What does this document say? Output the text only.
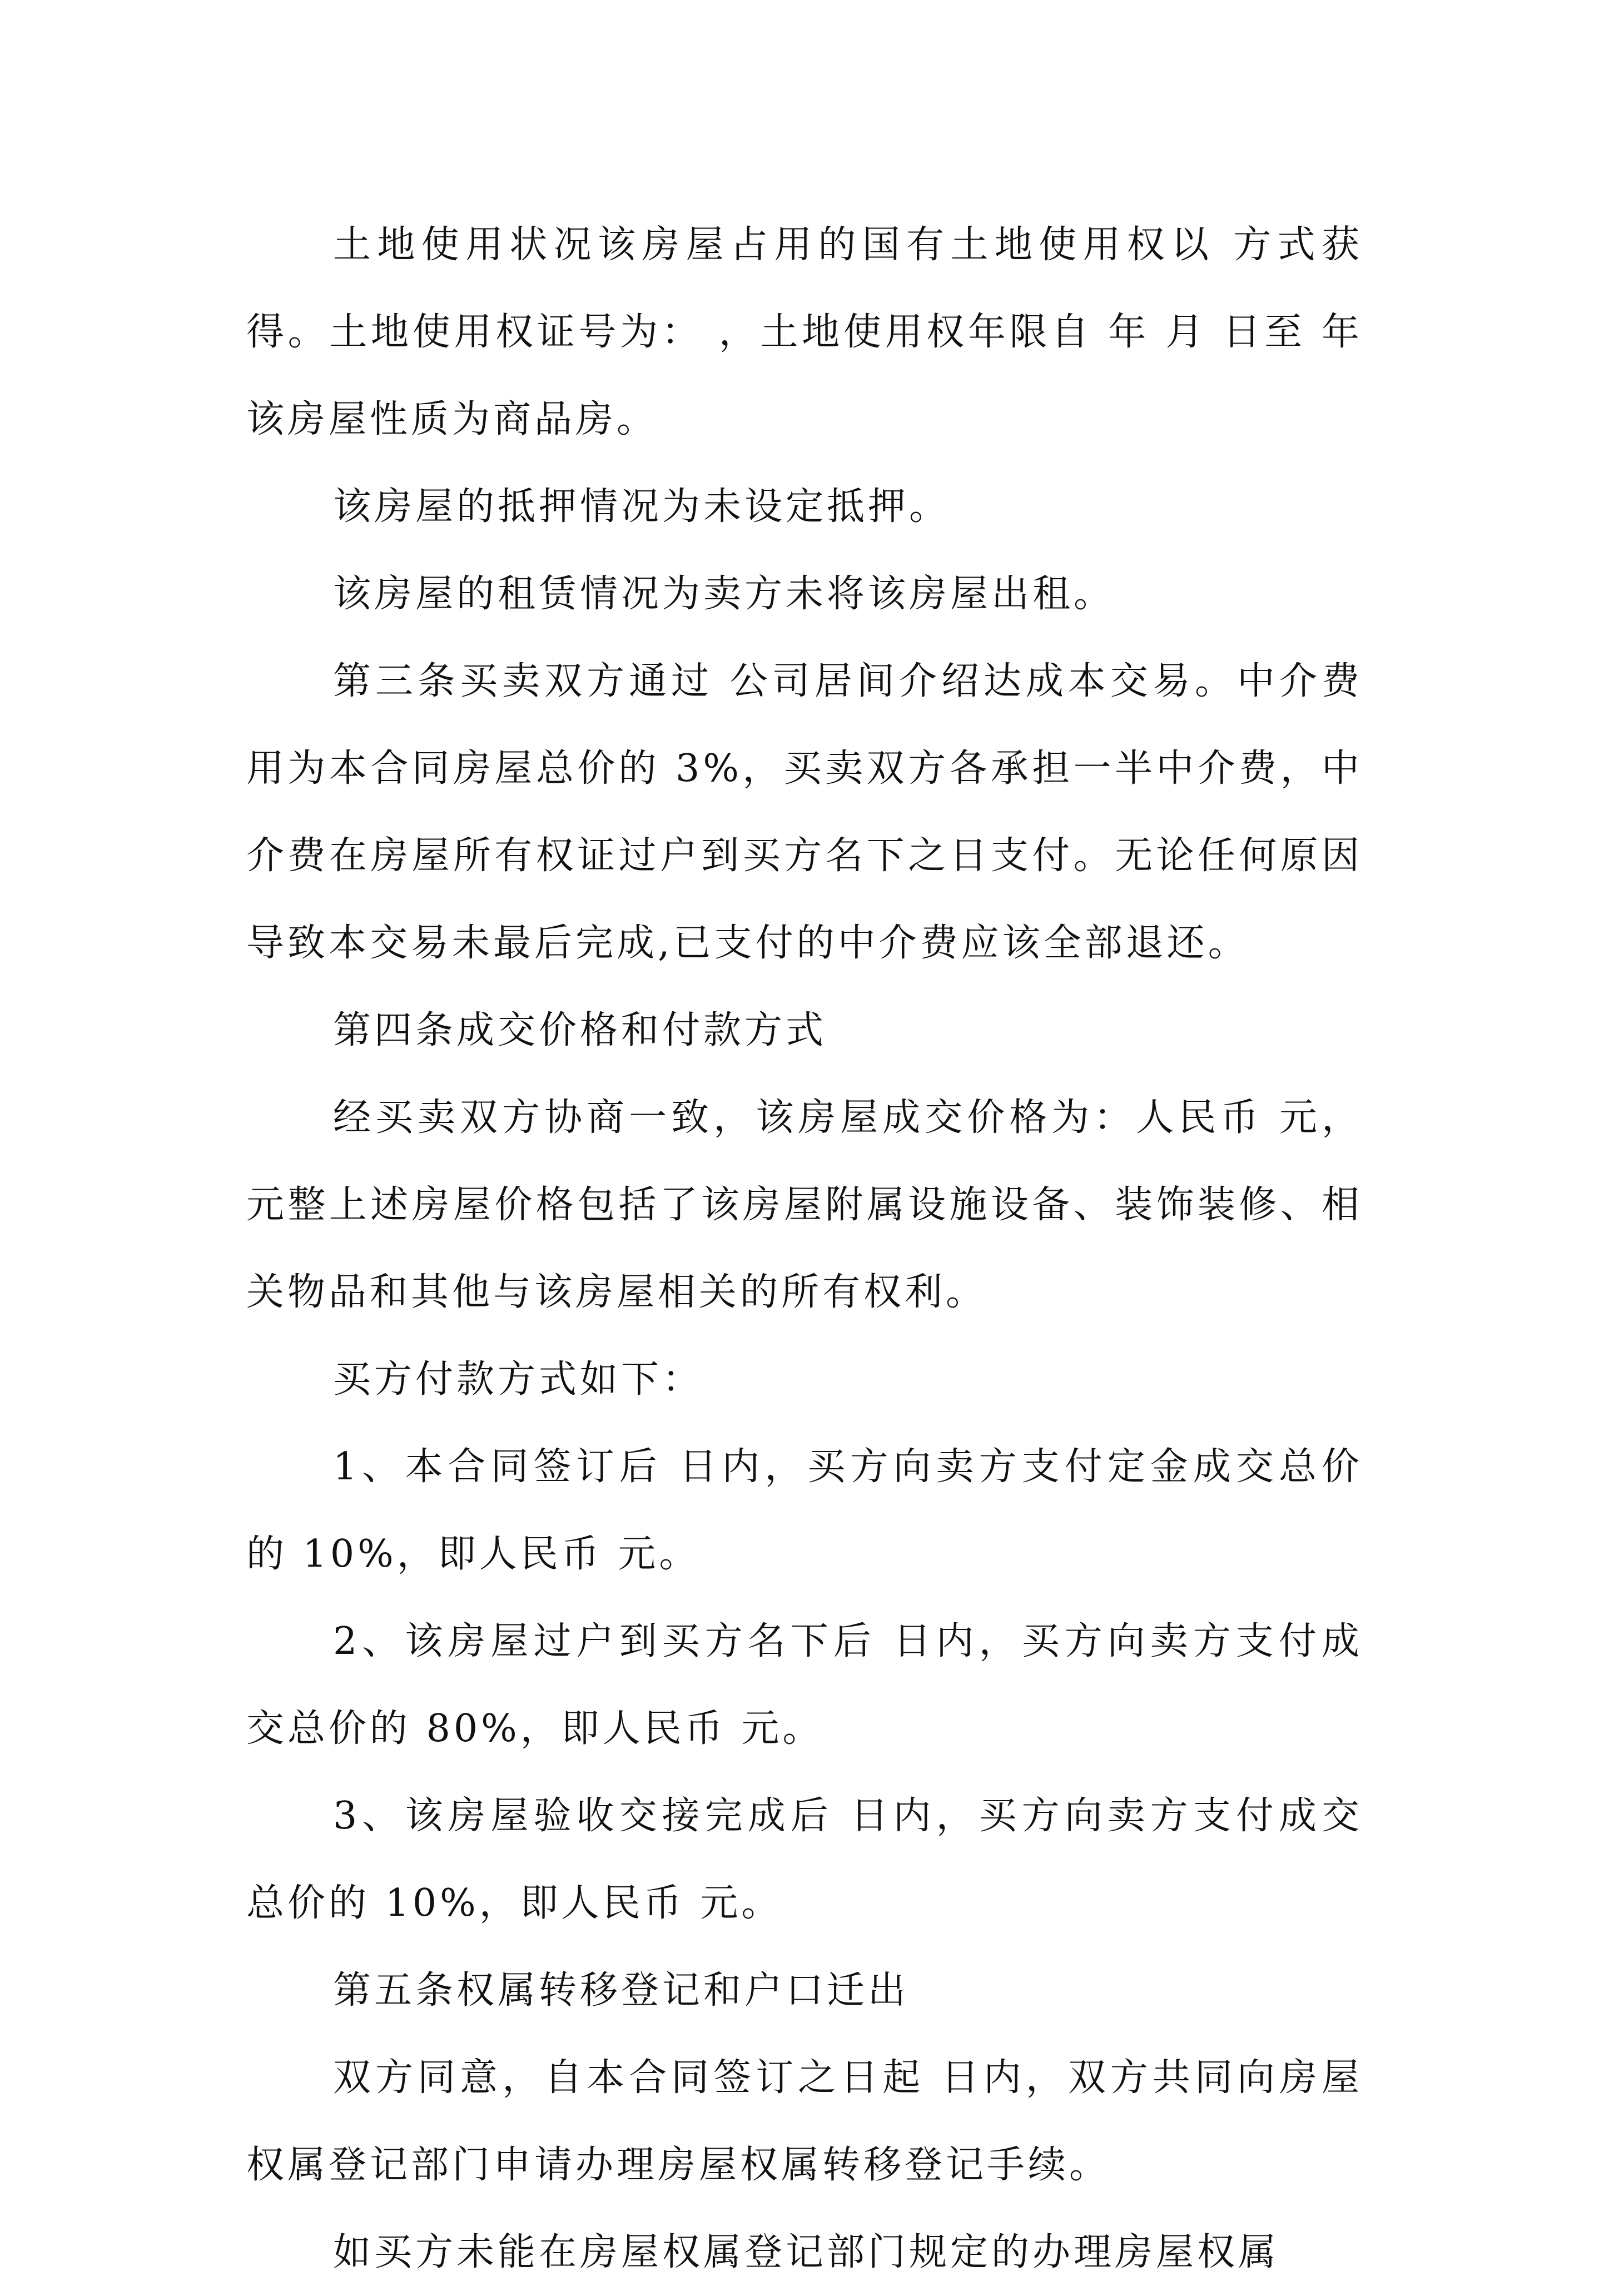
土地使用状况该房屋占用的国有土地使用权以 方式获得。土地使用权证号为： ，土地使用权年限自 年 月 日至 年该房屋性质为商品房。

该房屋的抵押情况为未设定抵押。

该房屋的租赁情况为卖方未将该房屋出租。

第三条买卖双方通过 公司居间介绍达成本交易。中介费用为本合同房屋总价的 3%，买卖双方各承担一半中介费，中介费在房屋所有权证过户到买方名下之日支付。无论任何原因导致本交易未最后完成,已支付的中介费应该全部退还。

第四条成交价格和付款方式

经买卖双方协商一致，该房屋成交价格为：人民币 元， 元整上述房屋价格包括了该房屋附属设施设备、装饰装修、相关物品和其他与该房屋相关的所有权利。

买方付款方式如下：

1、本合同签订后 日内，买方向卖方支付定金成交总价的 10%，即人民币 元。

2、该房屋过户到买方名下后 日内，买方向卖方支付成交总价的 80%，即人民币 元。

3、该房屋验收交接完成后 日内，买方向卖方支付成交总价的 10%，即人民币 元。

第五条权属转移登记和户口迁出

双方同意，自本合同签订之日起 日内，双方共同向房屋权属登记部门申请办理房屋权属转移登记手续。

如买方未能在房屋权属登记部门规定的办理房屋权属
